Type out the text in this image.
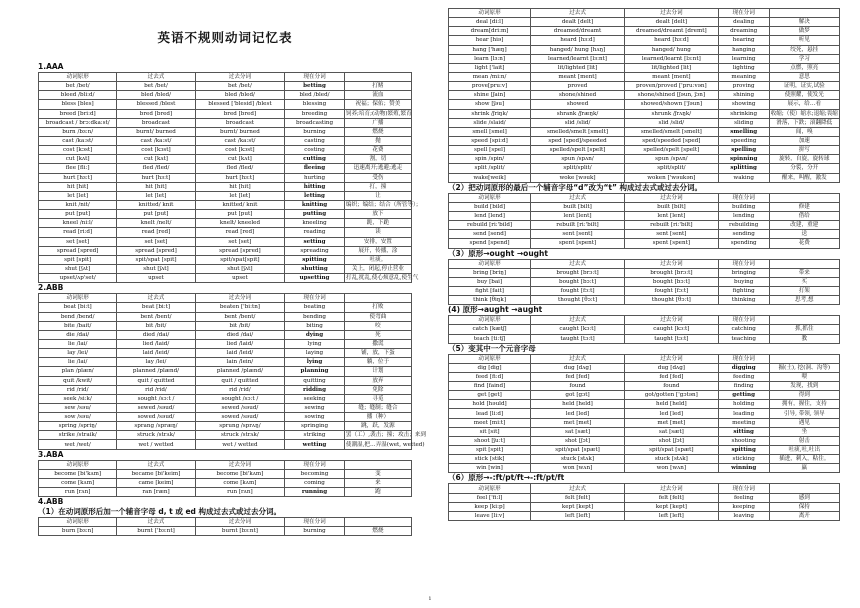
英语不规则动词记忆表
1.AAA
动词原形	过去式	过去分词	现在分词	
bet /bet/	bet /bet/	bet /bet/	betting	打赌
bleed /bli:d/	bled /bled/	bled /bled/	bled /bled/	流血
bless [bles]	blessed /blest	blessed ['blesid] /blest	blessing	祝福；保佑；赞美
breed [bri:d]	bred [bred]	bred [bred]	breeding	饲养;培育;(动物)繁殖,繁育
broadcast / brɔ:dka:st/	broadcast	broadcast	broadcasting	广播
burn /bɜ:n/	burnt/ burned	burnt/ burned	burning	燃烧
cast /ka:st/	cast /ka:st/	cast /ka:st/	casting	抛
cost [kɔst]	cost [kɔst]	cost [kɔst]	costing	花费
cut [kʌt]	cut [kʌt]	cut [kʌt]	cutting	割，切
flee [fli:]	fled /fled/	fled /fled/	fleeing	迅速离开;逃避;逃走
hurt [hɜ:t]	hurt [hɜ:t]	hurt [hɜ:t]	hurting	受伤
hit [hit]	hit [hit]	hit [hit]	hitting	打，撞
let [let]	let [let]	let [let]	letting	让
knit /nit/	knitted/ knit	knitted/ knit	knitting	编织；编结；结合（所管等）；
put [put]	put [put]	put [put]	putting	放下
kneel /ni:l/	knelt /nelt/	knelt/ kneeled	kneeling	跪，下跪
read [ri:d]	read [red]	read [red]	reading	读
set [set]	set [set]	set [set]	setting	安排，安置
spread [spred]	spread [spred]	spread [spred]	spreading	展开，传播，涂
spit [spit]	spit/spat [spit]	spit/spat[spit]	spitting	吐痰。
shut [ʃʌt]	shut [ʃʌt]	shut [ʃʌt]	shutting	关上，闭起,停止营业
upset/ʌp'set/	upset	upset	upsetting	打乱,扰乱,使心烦意乱,使生气
2.ABB
动词原形	过去式	过去分词	现在分词	
beat [bi:t]	beat [bi:t]	beaten ['bi:tn]	beating	打败
bend /bend/	bent /bent/	bent /bent/	bending	使弯曲
bite /bait/	bit /bit/	bit /bit/	biting	咬
die /dai/	died /dai/	died /dai/	dying	死
lie /lai/	lied /laid/	lied /laid/	lying	撒谎
lay /lei/	laid /leid/	laid /leid/	laying	铺，放，下蛋
lie /lai/	lay /lei/	lain /lein/	lying	躺，位于
plan /plæn/	planned /plænd/	planned /plænd/	planning	计划
quit /kwit/	quit / quitted	quit / quitted	quitting	放弃
rid /rid/	rid /rid/	rid /rid/	ridding	免除
seek /si:k/	sought /sɔ:t /	sought /sɔ:t /	seeking	寻觅
sew /səu/	sewed /səud/	sewed /səud/	sewing	缝；缝制；缝合
sow /səu/	sowed /səud/	sowed /səud/	sowing	播（种）
spring /spriŋ/	sprang /spræŋ/	sprung /sprʌŋ/	springing	跳，跃，发源
strike /straik/	struck /strʌk/	struck /strʌk/	striking	罢（工）,袭击；撞；攻击；来到
wet /wet/	wet / wetted	wet / wetted	wetting	使潮湿,把…弄湿(wet, wetted)
3.ABA
动词原形	过去式	过去分词	现在分词	
become [bi'kʌm]	became [bi'keim]	become [bi'kʌm]	becoming	变
come [kʌm]	came [keim]	come [kʌm]	coming	来
run [rʌn]	ran [ræn]	run [rʌn]	running	跑
4.ABB
（1）在动词原形后加一个辅音字母 d, t 或 ed 构成过去式或过去分词。
动词原形	过去式	过去分词	现在分词	
burn [bɜ:n]	burnt ['bɜ:nt]	burnt [bɜ:nt]	burning	燃烧
动词原形	过去式	过去分词	现在分词	
deal [di:l]	dealt [delt]	dealt [delt]	dealing	解决
dream[dri:m]	dreamed/dreamt	dreamed/dreamt [dremt]	dreaming	做梦
hear [hiə]	heard [hɜ:d]	heard [hɜ:d]	hearing	听见
hang ['hæŋ]	hanged/ hung [hʌŋ]	hanged/ hung	hanging	绞死，悬挂
learn [lɜ:n]	learned/learnt [lɜ:nt]	learned/learnt [lɜ:nt]	learning	学习
light ['lait]	lit/lighted [lit]	lit/lighted [lit]	lighting	点燃，照亮
mean /mi:n/	meant [ment]	meant [ment]	meaning	意思
prove[pru:v]	proved	proven/proved ['pru:vən]	proving	证明，证实,试验
shine [ʃain]	shone/shined	shone/shined [ʃəun, ʃɔn]	shining	使照耀，使发光
show [ʃəu]	showed	showed/shown ['ʃəun]	showing	展示，给…看
shrink /ʃriŋk/	shrank /ʃræŋk/	shrunk /ʃrʌŋk/	shrinking	收缩;（使）缩水;退缩;畏缩
slide /slaid/	slid /slid/	slid /slid/	sliding	滑落，下跌；滚翻降低
smell [smel]	smelled/smelt [smelt]	smelled/smelt [smelt]	smelling	闻，嗅
speed [spi:d]	sped [sped]/speeded	sped/speeded [sped]	speeding	加速
spell [spel]	spelled/spelt [spelt]	spelled/spelt [spelt]	spelling	拼写
spin /spin/	spun /spʌn/	spun /spʌn/	spinning	旋转，自旋，旋转球
split /split/	split/split/	split/split/	splitting	分裂，分开
wake[weik]	woke [wəuk]	woken ['wəukən]	waking	醒来，叫醒，激发
（2）把动词原形的最后一个辅音字母“d”改为“t” 构成过去式或过去分词。
动词原形	过去式	过去分词	现在分词	
build [bild]	built [bilt]	built [bilt]	building	修建
lend [lend]	lent [lent]	lent [lent]	lending	借给
rebuild [ri:'bild]	rebuilt [ri:'bilt]	rebuilt [ri:'bilt]	rebuilding	改建，重建
send [send]	sent [sent]	sent [sent]	sending	送
spend [spend]	spent [spent]	spent [spent]	spending	花费
（3）原形→ought →ought
动词原形	过去式	过去分词	现在分词	
bring [briŋ]	brought [brɔ:t]	brought [brɔ:t]	bringing	带来
buy [bai]	bought [bɔ:t]	bought [bɔ:t]	buying	买
fight [fait]	fought [fɔ:t]	fought [fɔ:t]	fighting	打架
think [θiŋk]	thought [θɔ:t]	thought [θɔ:t]	thinking	思考,想
(4) 原形→aught →aught
动词原形	过去式	过去分词	现在分词	
catch [kætʃ]	caught [kɔ:t]	caught [kɔ:t]	catching	抓,抓住
teach [ti:tʃ]	taught [tɔ:t]	taught [tɔ:t]	teaching	教
（5）变其中一个元音字母
动词原形	过去式	过去分词	现在分词	
dig [dig]	dug [dʌg]	dug [dʌg]	digging	掘(土), 挖(洞、沟等)
feed [fi:d]	fed [fed]	fed [fed]	feeding	喂
find [faind]	found	found	finding	发现，找到
get [get]	got [gɔt]	got/gotten ['gɔtən]	getting	得到
hold [həuld]	held [held]	held [held]	holding	拥有，握住，支持
lead [li:d]	led [led]	led [led]	leading	引导, 带领, 领导
meet [mi:t]	met [met]	met [met]	meeting	遇见
sit [sit]	sat [sæt]	sat [sæt]	sitting	坐
shoot [ʃu:t]	shot [ʃɔt]	shot [ʃɔt]	shooting	射击
spit [spit]	spit/spat [spæt]	spit/spat [spæt]	spitting	吐痰,吐,吐出
stick [stik]	stuck [stʌk]	stuck [stʌk]	sticking	插进，刺入，粘住。
win [win]	won [wʌn]	won [wʌn]	winning	赢
（6）原形→-:ft/pt/ft→-:ft/pt/ft
动词原形	过去式	过去分词	现在分词	
feel ['fi:l]	felt [felt]	felt [felt]	feeling	感到
keep [ki:p]	kept [kept]	kept [kept]	keeping	保持
leave [li:v]	left [left]	left [left]	leaving	离开
1
